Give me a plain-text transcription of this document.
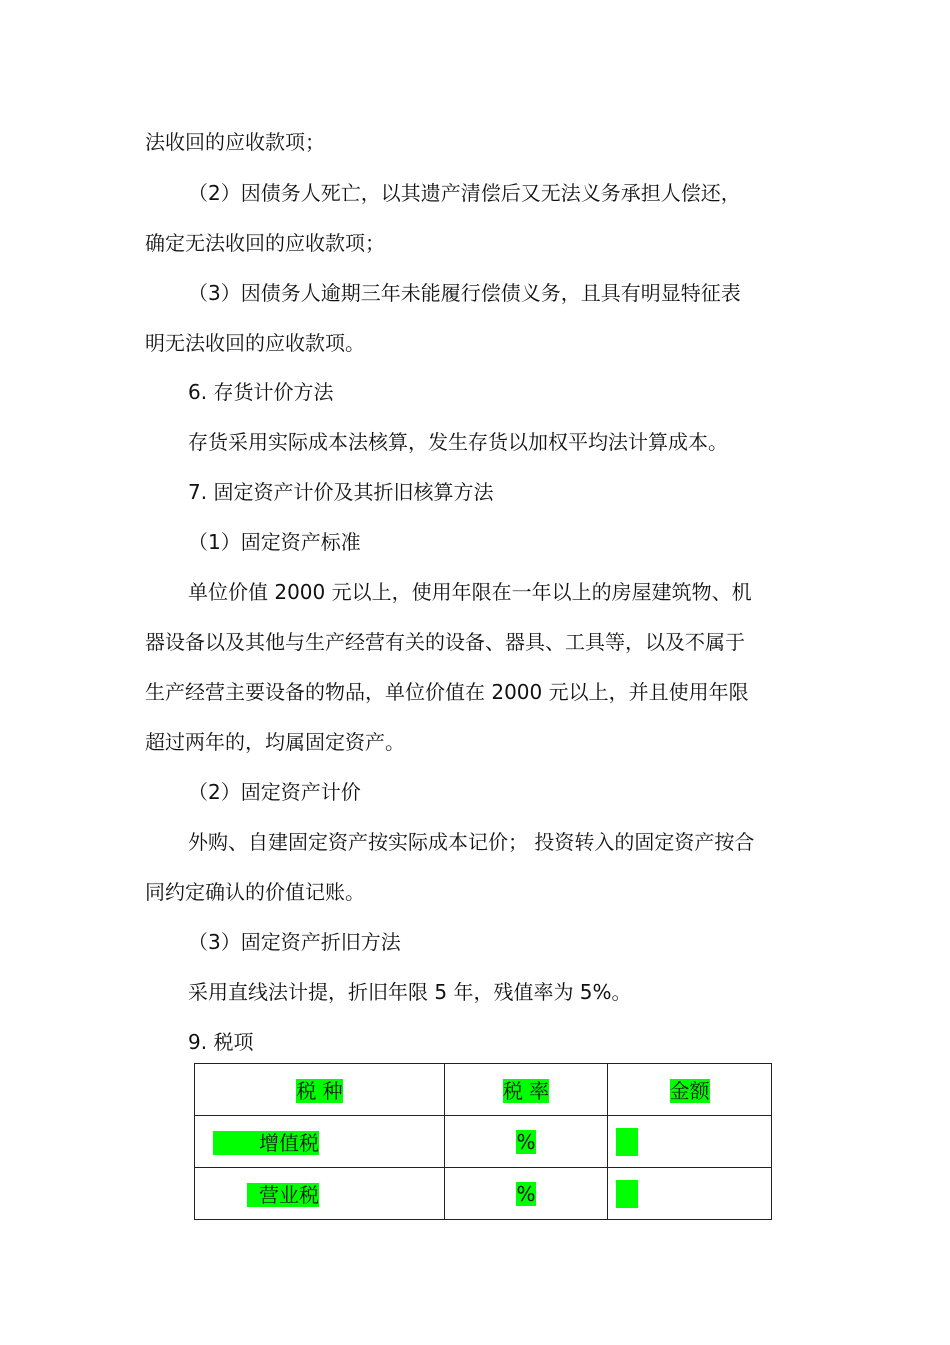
法收回的应收款项；

（2）因债务人死亡，以其遗产清偿后又无法义务承担人偿还，

确定无法收回的应收款项；

（3）因债务人逾期三年未能履行偿债义务，且具有明显特征表

明无法收回的应收款项。

6. 存货计价方法

存货采用实际成本法核算，发生存货以加权平均法计算成本。

7. 固定资产计价及其折旧核算方法

（1）固定资产标准

单位价值 2000 元以上，使用年限在一年以上的房屋建筑物、机

器设备以及其他与生产经营有关的设备、器具、工具等，以及不属于

生产经营主要设备的物品，单位价值在 2000 元以上，并且使用年限

超过两年的，均属固定资产。

（2）固定资产计价

外购、自建固定资产按实际成本记价； 投资转入的固定资产按合

同约定确认的价值记账。

（3）固定资产折旧方法

采用直线法计提，折旧年限 5 年，残值率为 5%。

9. 税项

税 种	税 率	金额
增值税	%	
营业税	%	
